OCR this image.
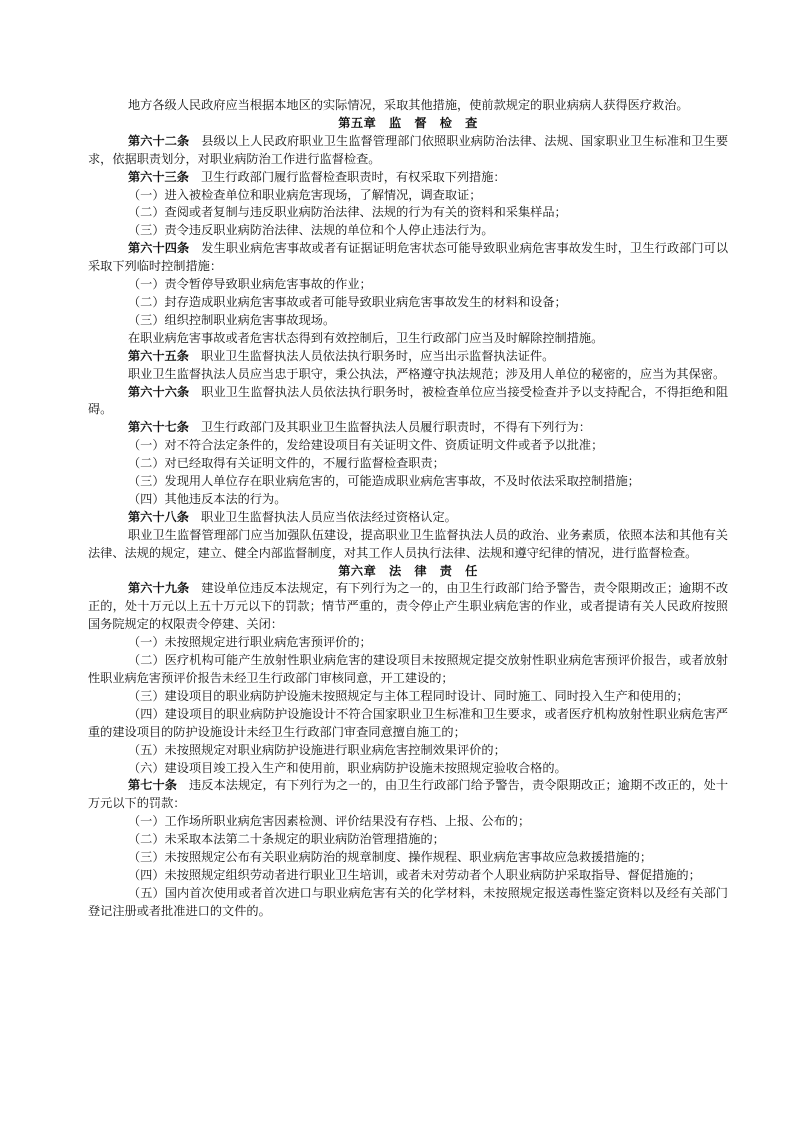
地方各级人民政府应当根据本地区的实际情况，采取其他措施，使前款规定的职业病病人获得医疗救治。

第五章　监　督　检　查

第六十二条 县级以上人民政府职业卫生监督管理部门依照职业病防治法律、法规、国家职业卫生标准和卫生要求，依据职责划分，对职业病防治工作进行监督检查。

第六十三条 卫生行政部门履行监督检查职责时，有权采取下列措施：

（一）进入被检查单位和职业病危害现场，了解情况，调查取证；

（二）查阅或者复制与违反职业病防治法律、法规的行为有关的资料和采集样品；

（三）责令违反职业病防治法律、法规的单位和个人停止违法行为。

第六十四条 发生职业病危害事故或者有证据证明危害状态可能导致职业病危害事故发生时，卫生行政部门可以采取下列临时控制措施：

（一）责令暂停导致职业病危害事故的作业；

（二）封存造成职业病危害事故或者可能导致职业病危害事故发生的材料和设备；

（三）组织控制职业病危害事故现场。

在职业病危害事故或者危害状态得到有效控制后，卫生行政部门应当及时解除控制措施。

第六十五条 职业卫生监督执法人员依法执行职务时，应当出示监督执法证件。

职业卫生监督执法人员应当忠于职守，秉公执法，严格遵守执法规范；涉及用人单位的秘密的，应当为其保密。

第六十六条 职业卫生监督执法人员依法执行职务时，被检查单位应当接受检查并予以支持配合，不得拒绝和阻碍。

第六十七条 卫生行政部门及其职业卫生监督执法人员履行职责时，不得有下列行为：

（一）对不符合法定条件的，发给建设项目有关证明文件、资质证明文件或者予以批准；

（二）对已经取得有关证明文件的，不履行监督检查职责；

（三）发现用人单位存在职业病危害的，可能造成职业病危害事故，不及时依法采取控制措施；

（四）其他违反本法的行为。

第六十八条 职业卫生监督执法人员应当依法经过资格认定。

职业卫生监督管理部门应当加强队伍建设，提高职业卫生监督执法人员的政治、业务素质，依照本法和其他有关法律、法规的规定，建立、健全内部监督制度，对其工作人员执行法律、法规和遵守纪律的情况，进行监督检查。

第六章　法　律　责　任

第六十九条 建设单位违反本法规定，有下列行为之一的，由卫生行政部门给予警告，责令限期改正；逾期不改正的，处十万元以上五十万元以下的罚款；情节严重的，责令停止产生职业病危害的作业，或者提请有关人民政府按照国务院规定的权限责令停建、关闭：

（一）未按照规定进行职业病危害预评价的；

（二）医疗机构可能产生放射性职业病危害的建设项目未按照规定提交放射性职业病危害预评价报告，或者放射性职业病危害预评价报告未经卫生行政部门审核同意，开工建设的；

（三）建设项目的职业病防护设施未按照规定与主体工程同时设计、同时施工、同时投入生产和使用的；

（四）建设项目的职业病防护设施设计不符合国家职业卫生标准和卫生要求，或者医疗机构放射性职业病危害严重的建设项目的防护设施设计未经卫生行政部门审查同意擅自施工的；

（五）未按照规定对职业病防护设施进行职业病危害控制效果评价的；

（六）建设项目竣工投入生产和使用前，职业病防护设施未按照规定验收合格的。

第七十条 违反本法规定，有下列行为之一的，由卫生行政部门给予警告，责令限期改正；逾期不改正的，处十万元以下的罚款：

（一）工作场所职业病危害因素检测、评价结果没有存档、上报、公布的；

（二）未采取本法第二十条规定的职业病防治管理措施的；

（三）未按照规定公布有关职业病防治的规章制度、操作规程、职业病危害事故应急救援措施的；

（四）未按照规定组织劳动者进行职业卫生培训，或者未对劳动者个人职业病防护采取指导、督促措施的；

（五）国内首次使用或者首次进口与职业病危害有关的化学材料，未按照规定报送毒性鉴定资料以及经有关部门登记注册或者批准进口的文件的。
